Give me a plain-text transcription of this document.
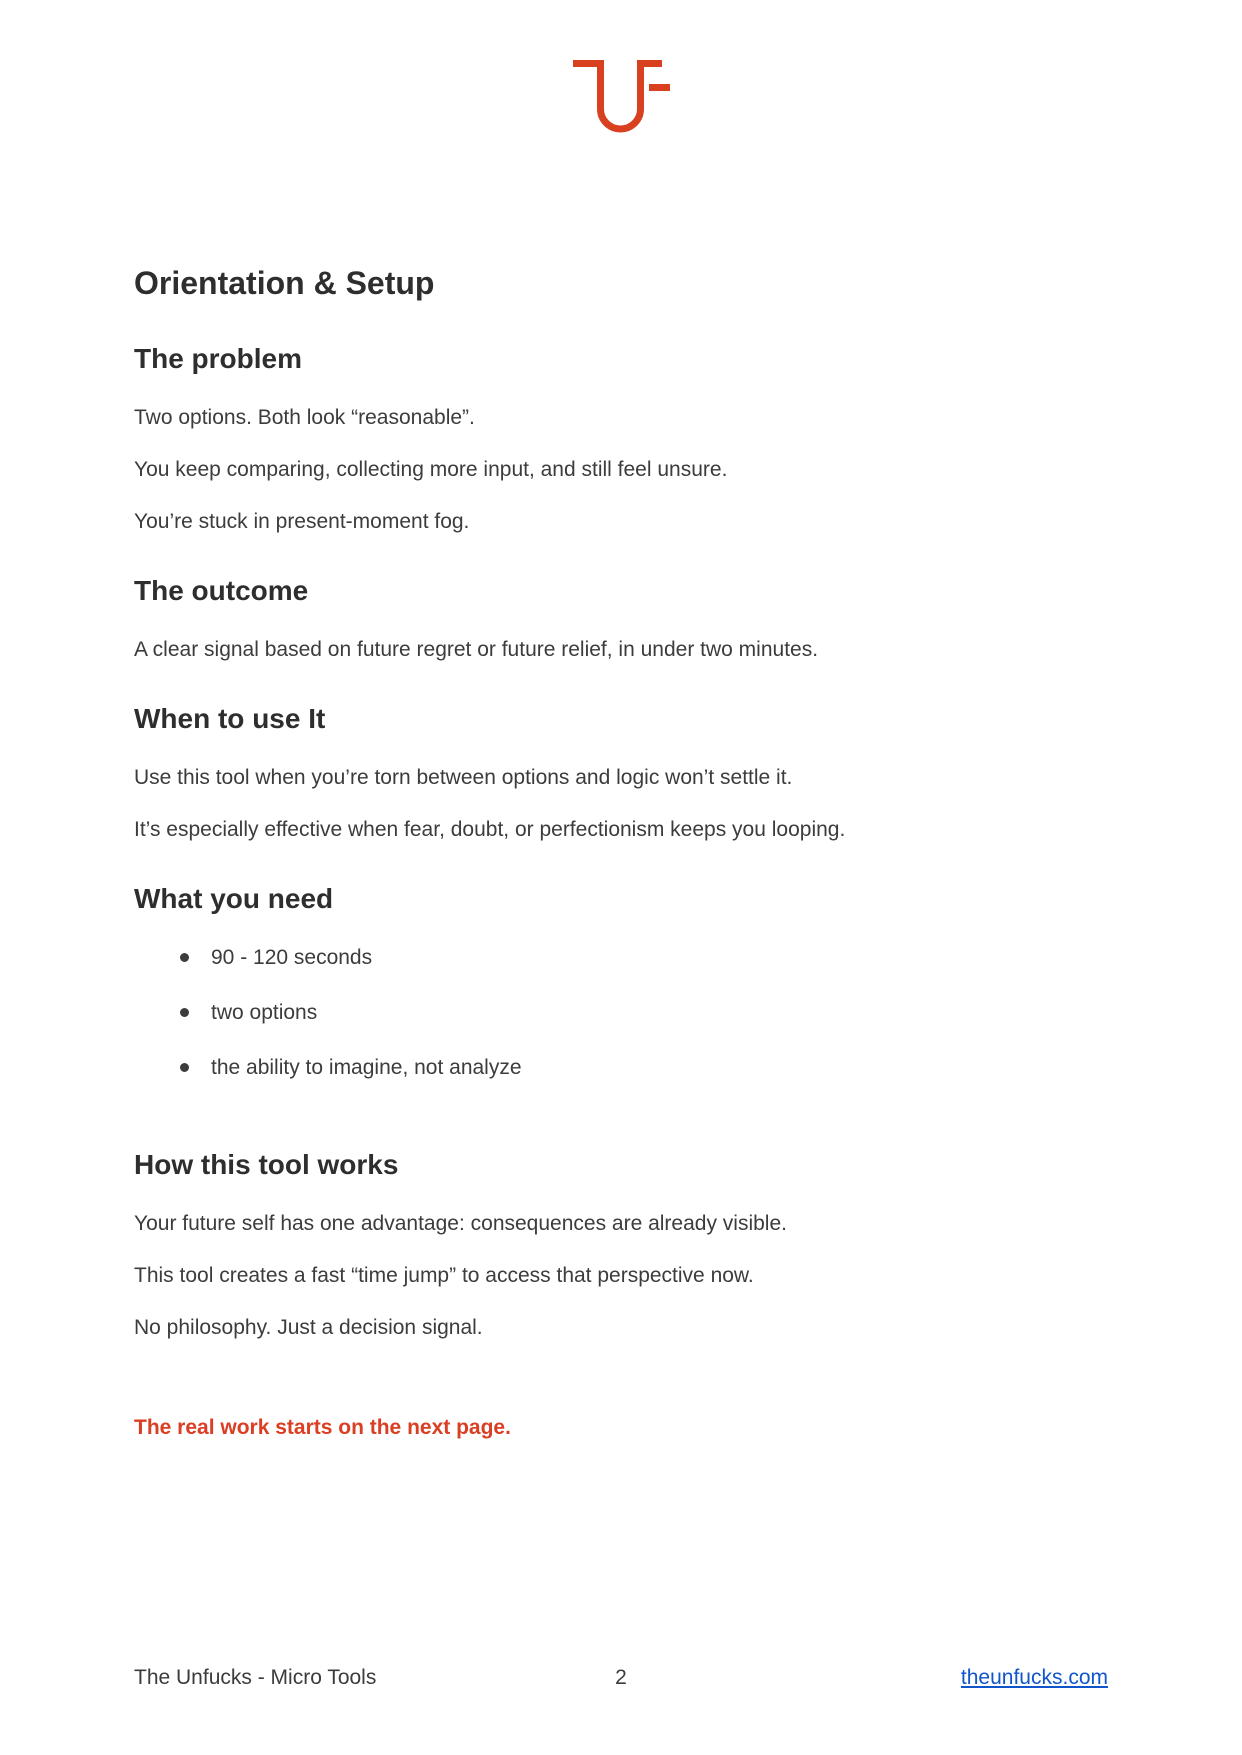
Orientation & Setup
The problem

Two options. Both look “reasonable”.

You keep comparing, collecting more input, and still feel unsure.

You’re stuck in present-moment fog.

The outcome

A clear signal based on future regret or future relief, in under two minutes.

When to use It

Use this tool when you’re torn between options and logic won’t settle it.

It’s especially effective when fear, doubt, or perfectionism keeps you looping.

What you need
90 - 120 seconds
two options
the ability to imagine, not analyze
How this tool works

Your future self has one advantage: consequences are already visible.

This tool creates a fast “time jump” to access that perspective now.

No philosophy. Just a decision signal.

The real work starts on the next page.

The Unfucks - Micro Tools	2	theunfucks.com
